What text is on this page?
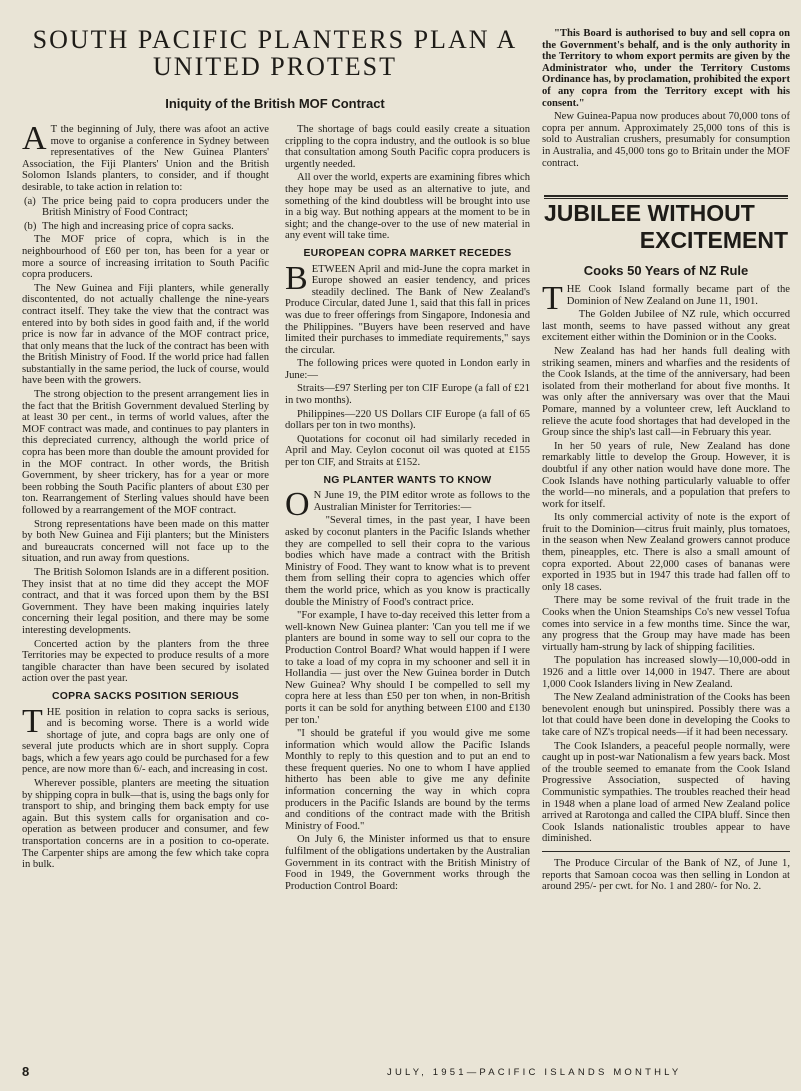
SOUTH PACIFIC PLANTERS PLAN A
UNITED PROTEST
Iniquity of the British MOF Contract

A T the beginning of July, there was afoot an active move to organise a conference in Sydney between representatives of the New Guinea Planters' Association, the Fiji Planters' Union and the British Solomon Islands planters, to consider, and if thought desirable, to take action in relation to:

(a) The price being paid to copra producers under the British Ministry of Food Contract;
(b) The high and increasing price of copra sacks.

The MOF price of copra, which is in the neighbourhood of £60 per ton, has been for a year or more a source of increasing irritation to South Pacific copra producers.

The New Guinea and Fiji planters, while generally discontented, do not actually challenge the nine-years contract itself. They take the view that the contract was entered into by both sides in good faith and, if the world price is now far in advance of the MOF contract price, that only means that the luck of the contract has been with the British Ministry of Food. If the world price had fallen substantially in the same period, the luck of course, would have been with the growers.

The strong objection to the present arrangement lies in the fact that the British Government devalued Sterling by at least 30 per cent., in terms of world values, after the MOF contract was made, and continues to pay planters in this depreciated currency, although the world price of copra has been more than double the amount provided for in the MOF contract. In other words, the British Government, by sheer trickery, has for a year or more been robbing the South Pacific planters of about £30 per ton. Rearrangement of Sterling values should have been followed by a rearrangement of the MOF contract.

Strong representations have been made on this matter by both New Guinea and Fiji planters; but the Ministers and bureaucrats concerned will not face up to the situation, and run away from questions.

The British Solomon Islands are in a different position. They insist that at no time did they accept the MOF contract, and that it was forced upon them by the BSI Government. They have been making inquiries lately concerning their legal position, and there may be some interesting developments.

Concerted action by the planters from the three Territories may be expected to produce results of a more tangible character than have been secured by isolated action over the past year.

COPRA SACKS POSITION SERIOUS

THE position in relation to copra sacks is serious, and is becoming worse. There is a world wide shortage of jute, and copra bags are only one of several jute products which are in short supply. Copra bags, which a few years ago could be purchased for a few pence, are now more than 6/- each, and increasing in cost.

Wherever possible, planters are meeting the situation by shipping copra in bulk—that is, using the bags only for transport to ship, and bringing them back empty for use again. But this system calls for organisation and co-operation as between producer and consumer, and few transportation concerns are in a position to co-operate. The Carpenter ships are among the few which take copra in bulk.

The shortage of bags could easily create a situation crippling to the copra industry, and the outlook is so blue that consultation among South Pacific copra producers is urgently needed.

All over the world, experts are examining fibres which they hope may be used as an alternative to jute, and something of the kind doubtless will be brought into use in a big way. But nothing appears at the moment to be in sight; and the change-over to the use of new material in any event will take time.

EUROPEAN COPRA MARKET RECEDES

BETWEEN April and mid-June the copra market in Europe showed an easier tendency, and prices steadily declined. The Bank of New Zealand's Produce Circular, dated June 1, said that this fall in prices was due to freer offerings from Singapore, Indonesia and the Philippines. "Buyers have been reserved and have limited their purchases to immediate requirements," says the circular.

The following prices were quoted in London early in June:—

Straits—£97 Sterling per ton CIF Europe (a fall of £21 in two months).

Philippines—220 US Dollars CIF Europe (a fall of 65 dollars per ton in two months).

Quotations for coconut oil had similarly receded in April and May. Ceylon coconut oil was quoted at £155 per ton CIF, and Straits at £152.

NG PLANTER WANTS TO KNOW

O N June 19, the PIM editor wrote as follows to the Australian Minister for Territories:—

"Several times, in the past year, I have been asked by coconut planters in the Pacific Islands whether they are compelled to sell their copra to the various bodies which have made a contract with the British Ministry of Food. They want to know what is to prevent them from selling their copra to agencies which offer them the world price, which as you know is practically double the Ministry of Food's contract price.

"For example, I have to-day received this letter from a well-known New Guinea planter: 'Can you tell me if we planters are bound in some way to sell our copra to the Production Control Board? What would happen if I were to take a load of my copra in my schooner and sell it in Hollandia — just over the New Guinea border in Dutch New Guinea? Why should I be compelled to sell my copra here at less than £50 per ton when, in non-British ports it can be sold for anything between £100 and £130 per ton.'

"I should be grateful if you would give me some information which would allow the Pacific Islands Monthly to reply to this question and to put an end to these frequent queries. No one to whom I have applied hitherto has been able to give me any definite information concerning the way in which copra producers in the Pacific Islands are bound by the terms and conditions of the contract made with the British Ministry of Food."

On July 6, the Minister informed us that to ensure fulfilment of the obligations undertaken by the Australian Government in its contract with the British Ministry of Food in 1949, the Government works through the Production Control Board:

"This Board is authorised to buy and sell copra on the Government's behalf, and is the only authority in the Territory to whom export permits are given by the Administrator who, under the Territory Customs Ordinance has, by proclamation, prohibited the export of any copra from the Territory except with his consent."

New Guinea-Papua now produces about 70,000 tons of copra per annum. Approximately 25,000 tons of this is sold to Australian crushers, presumably for consumption in Australia, and 45,000 tons go to Britain under the MOF contract.

JUBILEE WITHOUT
EXCITEMENT
Cooks 50 Years of NZ Rule

THE Cook Island formally became part of the Dominion of New Zealand on June 11, 1901.

The Golden Jubilee of NZ rule, which occurred last month, seems to have passed without any great excitement either within the Dominion or in the Cooks.

New Zealand has had her hands full dealing with striking seamen, miners and wharfies and the residents of the Cook Islands, at the time of the anniversary, had been isolated from their motherland for about five months. It was only after the anniversary was over that the Maui Pomare, manned by a volunteer crew, left Auckland to relieve the acute food shortages that had developed in the Group since the ship's last call—in February this year.

In her 50 years of rule, New Zealand has done remarkably little to develop the Group. However, it is doubtful if any other nation would have done more. The Cook Islands have nothing particularly valuable to offer the world—no minerals, and a population that prefers to work for itself.

Its only commercial activity of note is the export of fruit to the Dominion—citrus fruit mainly, plus tomatoes, in the season when New Zealand growers cannot produce them, pineapples, etc. There is also a small amount of copra exported. About 22,000 cases of bananas were exported in 1935 but in 1947 this trade had fallen off to only 18 cases.

There may be some revival of the fruit trade in the Cooks when the Union Steamships Co's new vessel Tofua comes into service in a few months time. Since the war, any progress that the Group may have made has been virtually ham-strung by lack of shipping facilities.

The population has increased slowly—10,000-odd in 1926 and a little over 14,000 in 1947. There are about 1,000 Cook Islanders living in New Zealand.

The New Zealand administration of the Cooks has been benevolent enough but uninspired. Possibly there was a lot that could have been done in developing the Cooks to take care of NZ's tropical needs—if it had been necessary.

The Cook Islanders, a peaceful people normally, were caught up in post-war Nationalism a few years back. Most of the trouble seemed to emanate from the Cook Island Progressive Association, suspected of having Communistic sympathies. The troubles reached their head in 1948 when a plane load of armed New Zealand police arrived at Rarotonga and called the CIPA bluff. Since then Cook Islands nationalistic troubles appear to have diminished.

The Produce Circular of the Bank of NZ, of June 1, reports that Samoan cocoa was then selling in London at around 295/- per cwt. for No. 1 and 280/- for No. 2.

8	JULY, 1951—PACIFIC ISLANDS MONTHLY
